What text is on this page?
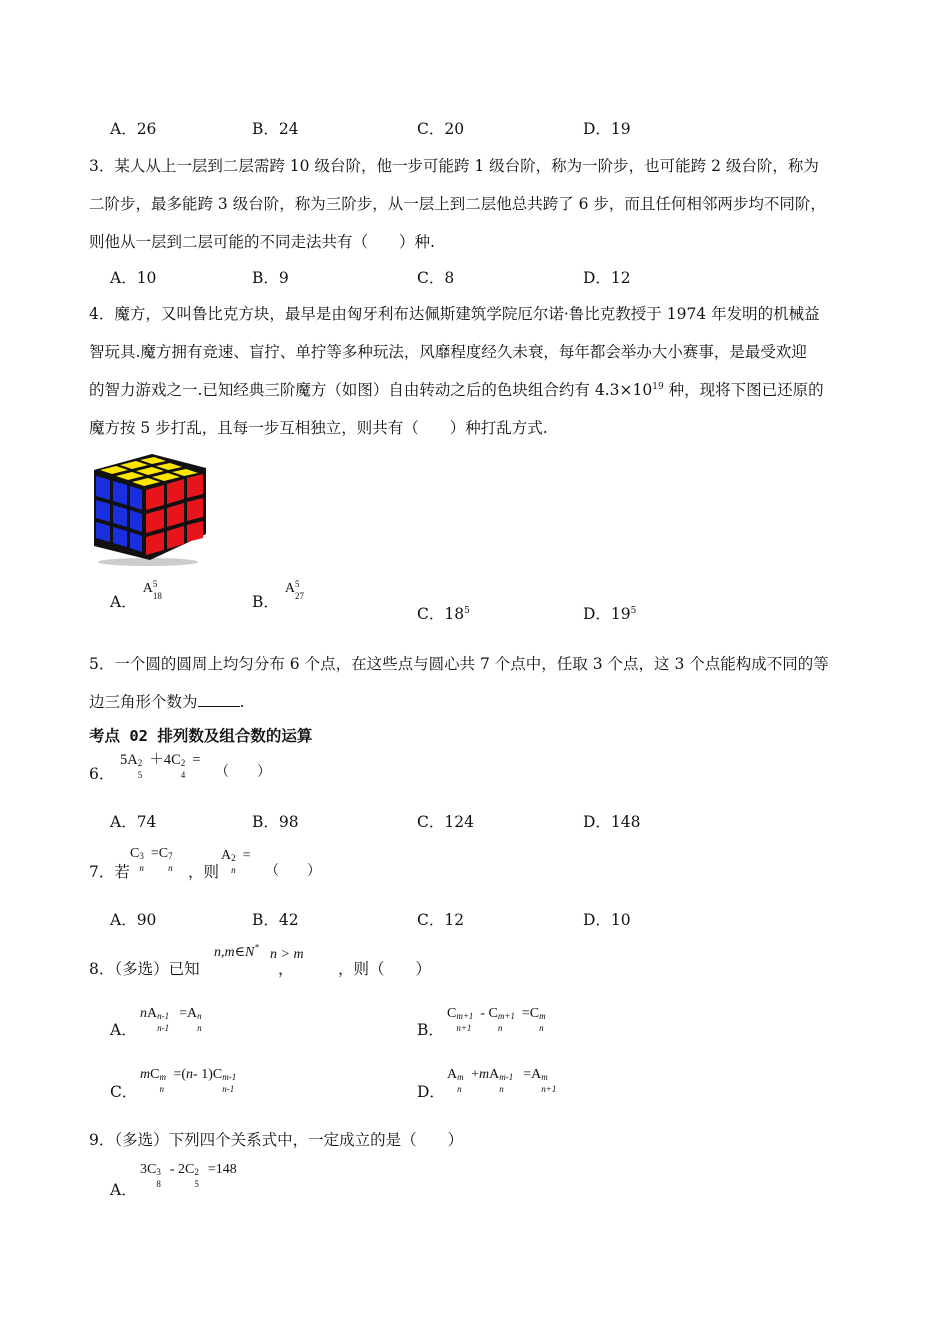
A．26	B．24	C．20	D．19
3．某人从上一层到二层需跨 10 级台阶，他一步可能跨 1 级台阶，称为一阶步，也可能跨 2 级台阶，称为
二阶步，最多能跨 3 级台阶，称为三阶步，从一层上到二层他总共跨了 6 步，而且任何相邻两步均不同阶，
则他从一层到二层可能的不同走法共有（　　）种.
A．10	B．9	C．8	D．12
4．魔方，又叫鲁比克方块，最早是由匈牙利布达佩斯建筑学院厄尔诺·鲁比克教授于 1974 年发明的机械益
智玩具.魔方拥有竞速、盲拧、单拧等多种玩法，风靡程度经久未衰，每年都会举办大小赛事，是最受欢迎
的智力游戏之一.已知经典三阶魔方（如图）自由转动之后的色块组合约有 $4.3\times 10^{19}$ 种，现将下图已还原的
魔方按 5 步打乱，且每一步互相独立，则共有（　　）种打乱方式.
A．A 5
18	B．A 5
27
C．$18^5$	D．$19^5$
5．一个圆的圆周上均匀分布 6 个点，在这些点与圆心共 7 个点中，任取 3 个点，这 3 个点能构成不同的等
边三角形个数为	.
考点 02 排列数及组合数的运算
6．
5A 2
5
＋4C 2
4
=
（　　）
A．74	B．98	C．124	D．148
7．若
C 3
n
=C 7
n ，则
A 2
n
=
（　　）
A．90	B．42	C．12	D．10
8．（多选）已知
n,m∈N*
，
n > m
，则（　　）
A．
nA n-1
n-1
=A n
n	B．
C m+1
n+1
- C m+1
n
=C m
n
C．
mC m
n
=(n- 1)C m-1
n-1	D．
A m
n
+mA m-1
n
=A m
n+1
9．（多选）下列四个关系式中，一定成立的是（　　）
A．
3C 3
8
- 2C 2
5
=148
